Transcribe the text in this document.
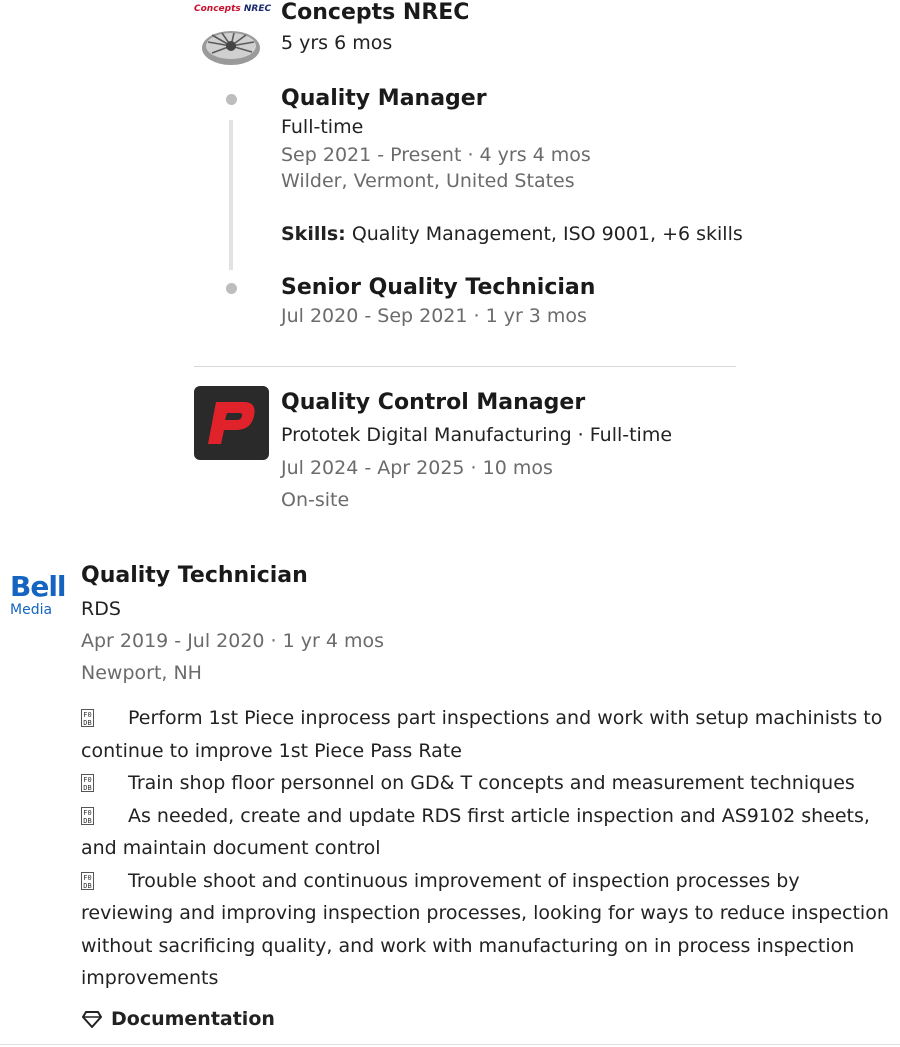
Concepts NREC Concepts NREC
5 yrs 6 mos
Quality Manager
Full-time
Sep 2021 - Present · 4 yrs 4 mos
Wilder, Vermont, United States
Skills: Quality Management, ISO 9001, +6 skills
Senior Quality Technician
Jul 2020 - Sep 2021 · 1 yr 3 mos
Quality Control Manager
Prototek Digital Manufacturing · Full-time
Jul 2024 - Apr 2025 · 10 mos
On-site
Bell
Media
Quality Technician
RDS
Apr 2019 - Jul 2020 · 1 yr 4 mos
Newport, NH

F0
DB Perform 1st Piece inprocess part inspections and work with setup machinists to continue to improve 1st Piece Pass Rate

F0
DB Train shop floor personnel on GD& T concepts and measurement techniques

F0
DB As needed, create and update RDS first article inspection and AS9102 sheets, and maintain document control

F0
DB Trouble shoot and continuous improvement of inspection processes by reviewing and improving inspection processes, looking for ways to reduce inspection without sacrificing quality, and work with manufacturing on in process inspection improvements

Documentation
